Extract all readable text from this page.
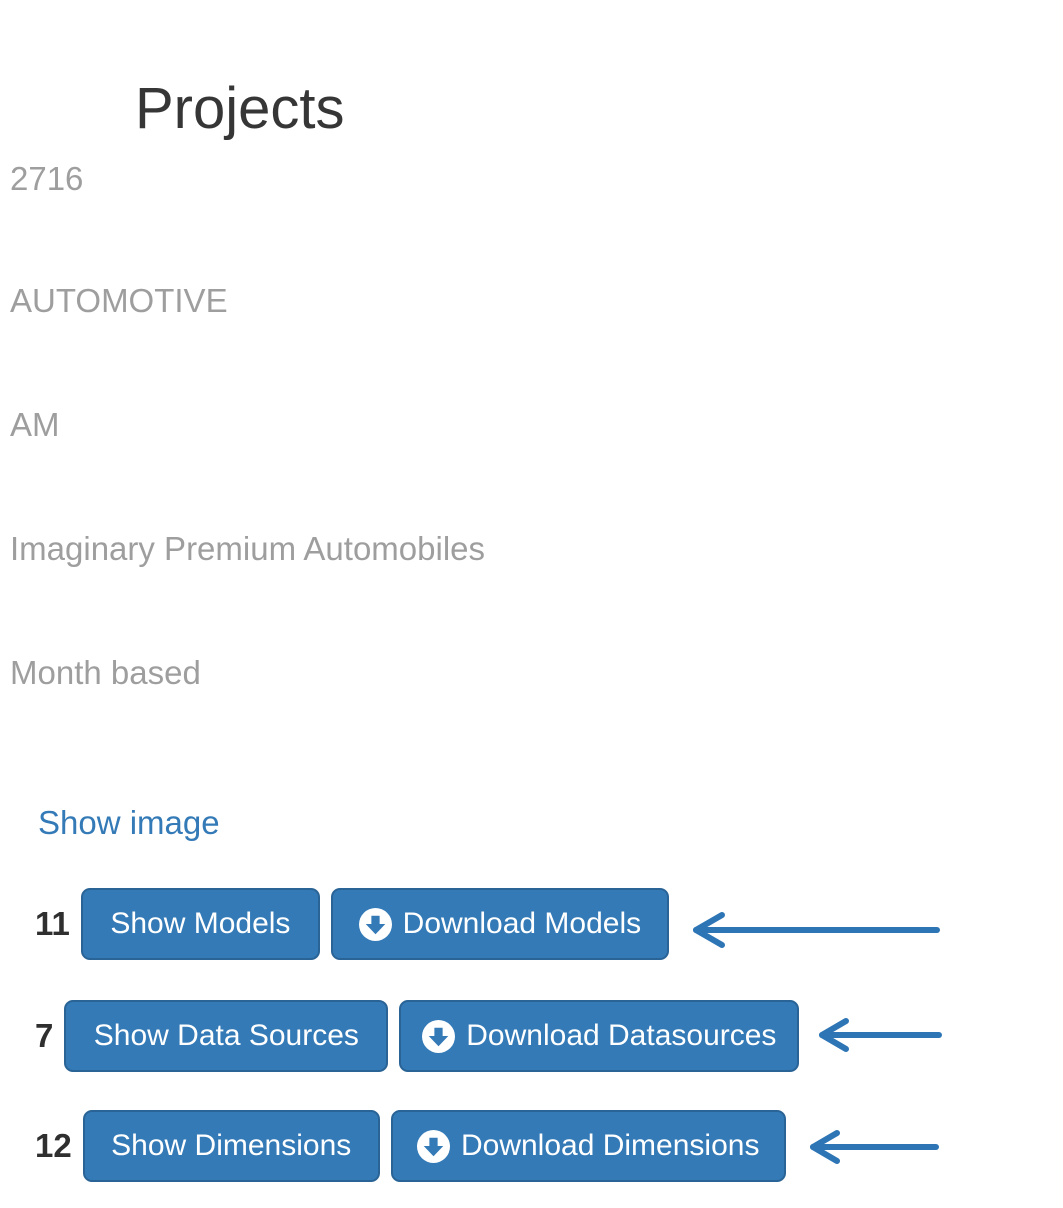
Projects
2716
AUTOMOTIVE
AM
Imaginary Premium Automobiles
Month based
Show image
11	Show Models	Download Models
7	Show Data Sources	Download Datasources
12	Show Dimensions	Download Dimensions
